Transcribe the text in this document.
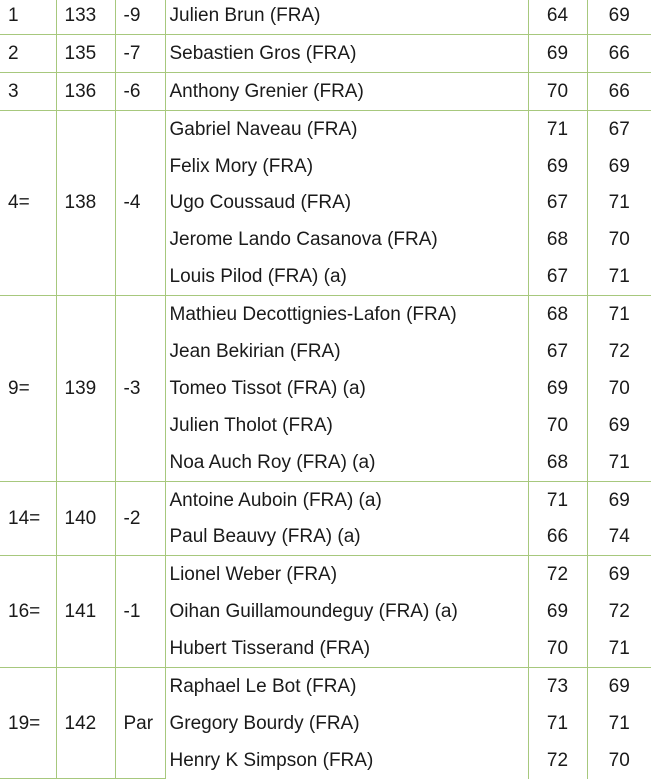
1	133	-9	Julien Brun (FRA)	64	69
2	135	-7	Sebastien Gros (FRA)	69	66
3	136	-6	Anthony Grenier (FRA)	70	66
4=	138	-4	Gabriel Naveau (FRA)	71	67
			Felix Mory (FRA)	69	69
			Ugo Coussaud (FRA)	67	71
			Jerome Lando Casanova (FRA)	68	70
			Louis Pilod (FRA) (a)	67	71
9=	139	-3	Mathieu Decottignies-Lafon (FRA)	68	71
			Jean Bekirian (FRA)	67	72
			Tomeo Tissot (FRA) (a)	69	70
			Julien Tholot (FRA)	70	69
			Noa Auch Roy (FRA) (a)	68	71
14=	140	-2	Antoine Auboin (FRA) (a)	71	69
			Paul Beauvy (FRA) (a)	66	74
16=	141	-1	Lionel Weber (FRA)	72	69
			Oihan Guillamoundeguy (FRA) (a)	69	72
			Hubert Tisserand (FRA)	70	71
19=	142	Par	Raphael Le Bot (FRA)	73	69
			Gregory Bourdy (FRA)	71	71
			Henry K Simpson (FRA)	72	70
